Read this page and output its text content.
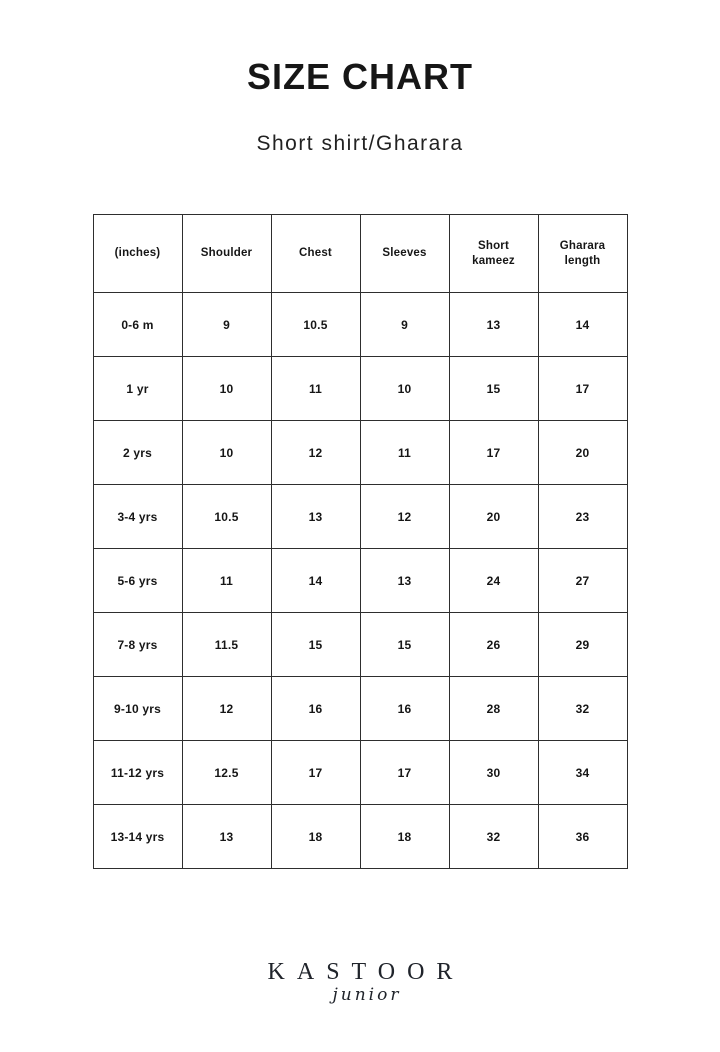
SIZE CHART
Short shirt/Gharara
(inches)	Shoulder	Chest	Sleeves	Short kameez	Gharara length
0-6 m	9	10.5	9	13	14
1 yr	10	11	10	15	17
2 yrs	10	12	11	17	20
3-4 yrs	10.5	13	12	20	23
5-6 yrs	11	14	13	24	27
7-8 yrs	11.5	15	15	26	29
9-10 yrs	12	16	16	28	32
11-12 yrs	12.5	17	17	30	34
13-14 yrs	13	18	18	32	36
KASTOOR
junior
